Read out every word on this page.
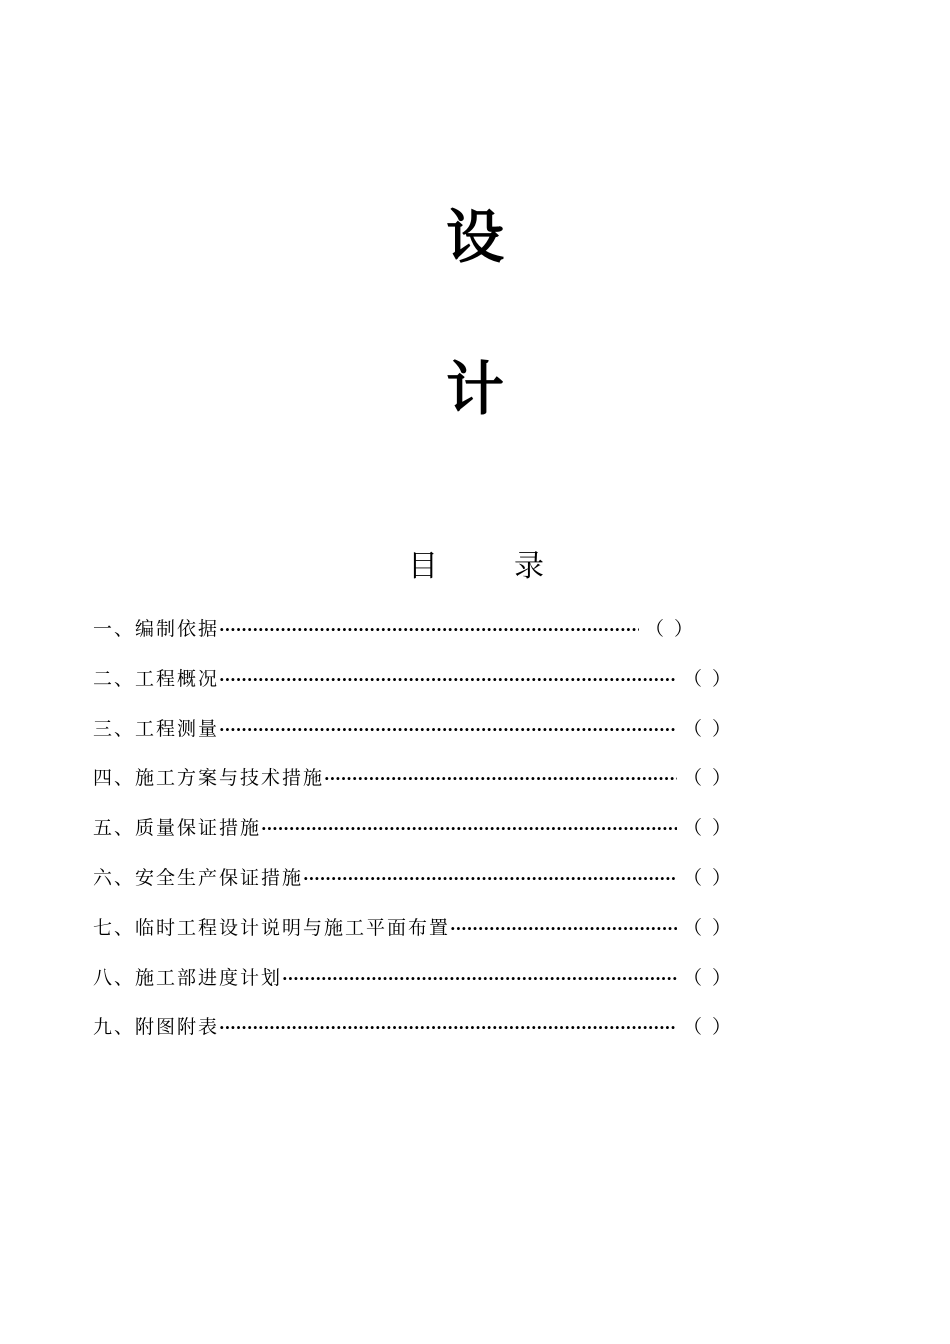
设
计
目	录
一、编制依据 ·····	（ ）
二、工程概况 ·····	（ ）
三、工程测量 ·····	（ ）
四、施工方案与技术措施 ·····	（ ）
五、质量保证措施 ·····	（ ）
六、安全生产保证措施 ·····	（ ）
七、临时工程设计说明与施工平面布置 ·····	（ ）
八、施工部进度计划 ·····	（ ）
九、附图附表 ·····	（ ）
